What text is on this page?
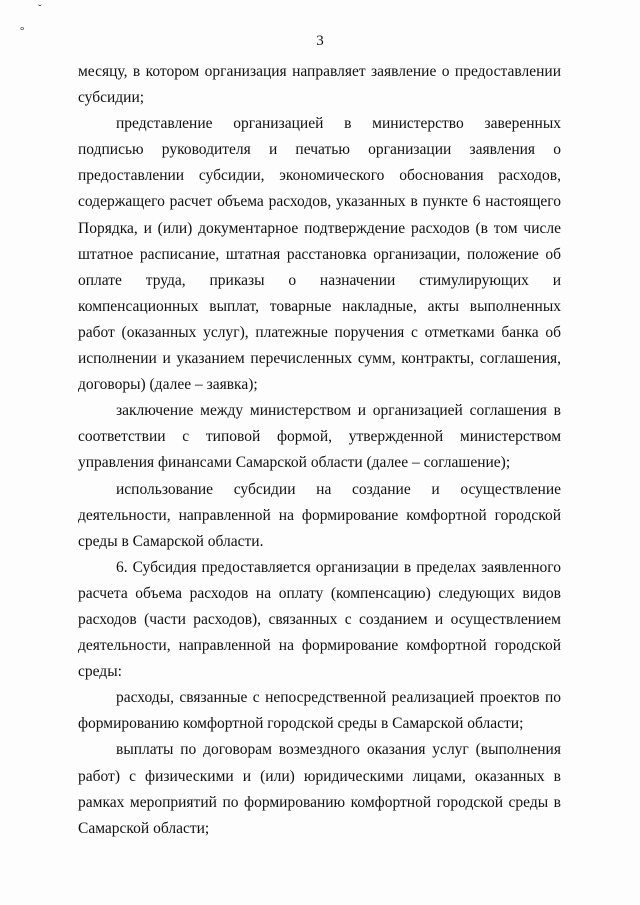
ˇ
°
3

месяцу, в котором организация направляет заявление о предоставлении субсидии;

представление организацией в министерство заверенных подписью руководителя и печатью организации заявления о предоставлении субсидии, экономического обоснования расходов, содержащего расчет объема расходов, указанных в пункте 6 настоящего Порядка, и (или) документарное подтверждение расходов (в том числе штатное расписание, штатная расстановка организации, положение об оплате труда, приказы о назначении стимулирующих и компенсационных выплат, товарные накладные, акты выполненных работ (оказанных услуг), платежные поручения с отметками банка об исполнении и указанием перечисленных сумм, контракты, соглашения, договоры) (далее – заявка);

заключение между министерством и организацией соглашения в соответствии с типовой формой, утвержденной министерством управления финансами Самарской области (далее – соглашение);

использование субсидии на создание и осуществление деятельности, направленной на формирование комфортной городской среды в Самарской области.

6. Субсидия предоставляется организации в пределах заявленного расчета объема расходов на оплату (компенсацию) следующих видов расходов (части расходов), связанных с созданием и осуществлением деятельности, направленной на формирование комфортной городской среды:

расходы, связанные с непосредственной реализацией проектов по формированию комфортной городской среды в Самарской области;

выплаты по договорам возмездного оказания услуг (выполнения работ) с физическими и (или) юридическими лицами, оказанных в рамках мероприятий по формированию комфортной городской среды в Самарской области;
